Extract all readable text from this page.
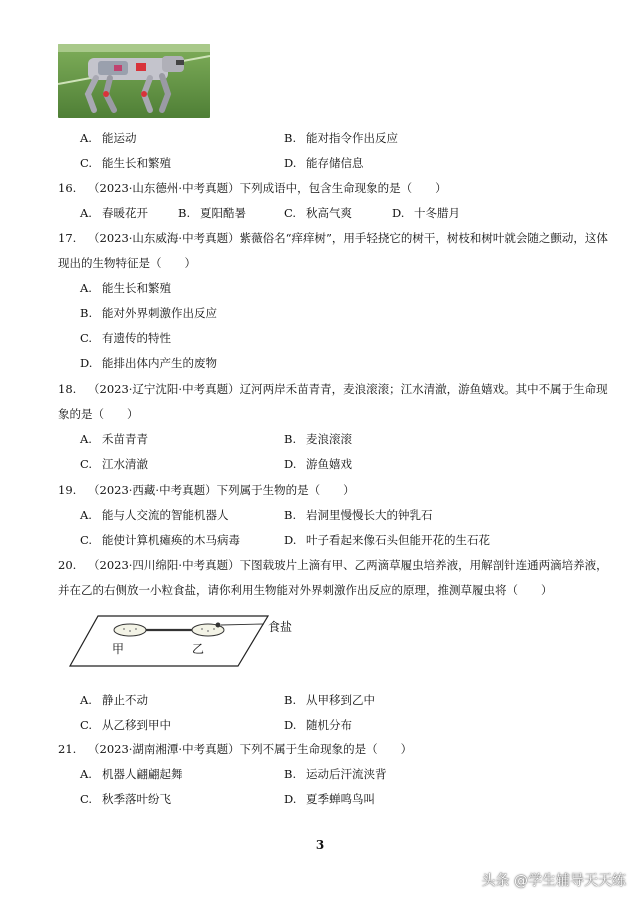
A. 能运动	B. 能对指令作出反应
C. 能生长和繁殖	D. 能存储信息
16. （2023·山东德州·中考真题）下列成语中，包含生命现象的是（　　）
A. 春暖花开	B. 夏阳酷暑	C. 秋高气爽	D. 十冬腊月
17. （2023·山东威海·中考真题）紫薇俗名“痒痒树”，用手轻挠它的树干，树枝和树叶就会随之颤动，这体
现出的生物特征是（　　）
A. 能生长和繁殖
B. 能对外界刺激作出反应
C. 有遗传的特性
D. 能排出体内产生的废物
18. （2023·辽宁沈阳·中考真题）辽河两岸禾苗青青，麦浪滚滚；江水清澈，游鱼嬉戏。其中不属于生命现
象的是（　　）
A. 禾苗青青	B. 麦浪滚滚
C. 江水清澈	D. 游鱼嬉戏
19. （2023·西藏·中考真题）下列属于生物的是（　　）
A. 能与人交流的智能机器人	B. 岩洞里慢慢长大的钟乳石
C. 能使计算机瘫痪的木马病毒	D. 叶子看起来像石头但能开花的生石花
20. （2023·四川绵阳·中考真题）下图载玻片上滴有甲、乙两滴草履虫培养液，用解剖针连通两滴培养液，
并在乙的右侧放一小粒食盐，请你利用生物能对外界刺激作出反应的原理，推测草履虫将（　　）
食盐
甲	乙
A. 静止不动	B. 从甲移到乙中
C. 从乙移到甲中	D. 随机分布
21. （2023·湖南湘潭·中考真题）下列不属于生命现象的是（　　）
A. 机器人翩翩起舞	B. 运动后汗流浃背
C. 秋季落叶纷飞	D. 夏季蝉鸣鸟叫
3
头条 @学生辅导天天练
